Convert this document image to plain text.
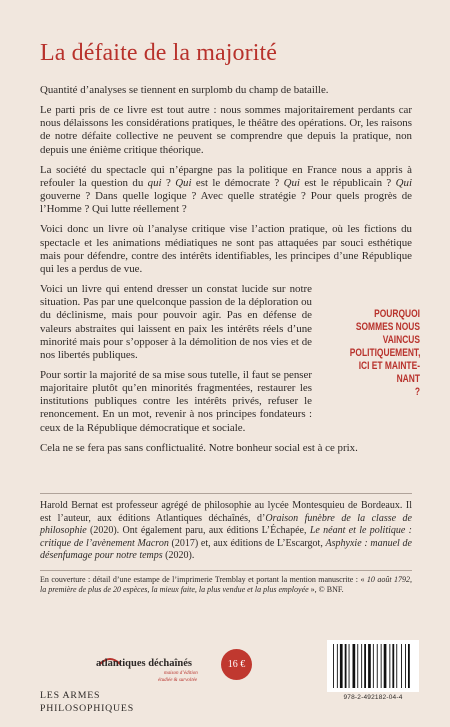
La défaite de la majorité

Quantité d’analyses se tiennent en surplomb du champ de bataille.

Le parti pris de ce livre est tout autre : nous sommes majoritairement perdants car nous délaissons les considérations pratiques, le théâtre des opérations. Or, les raisons de notre défaite collective ne peuvent se comprendre que depuis la pratique, non depuis une énième critique théorique.

La société du spectacle qui n’épargne pas la politique en France nous a appris à refouler la question du qui ? Qui est le démocrate ? Qui est le républicain ? Qui gouverne ? Dans quelle logique ? Avec quelle stratégie ? Pour quels progrès de l’Homme ? Qui lutte réellement ?

Voici donc un livre où l’analyse critique vise l’action pratique, où les fictions du spectacle et les animations médiatiques ne sont pas attaquées par souci esthétique mais pour défendre, contre des intérêts identifiables, les principes d’une République qui les a perdus de vue.

Voici un livre qui entend dresser un constat lucide sur notre situation. Pas par une quelconque passion de la déploration ou du déclinisme, mais pour pouvoir agir. Pas en défense de valeurs abstraites qui laissent en paix les intérêts réels d’une minorité mais pour s’opposer à la démolition de nos vies et de nos libertés publiques.

Pour sortir la majorité de sa mise sous tutelle, il faut se penser majoritaire plutôt qu’en minorités fragmentées, restaurer les institutions publiques contre les intérêts privés, refuser le renoncement. En un mot, revenir à nos principes fondateurs : ceux de la République démocratique et sociale.

Cela ne se fera pas sans conflictualité. Notre bonheur social est à ce prix.

POURQUOI
SOMMES NOUS
VAINCUS
POLITIQUEMENT,
ICI ET MAINTE-
NANT
?

Harold Bernat est professeur agrégé de philosophie au lycée Montesquieu de Bordeaux. Il est l’auteur, aux éditions Atlantiques déchaînés, d’Oraison funèbre de la classe de philosophie (2020). Ont également paru, aux éditions L’Échapée, Le néant et le politique : critique de l’avènement Macron (2017) et, aux éditions de L’Escargot, Asphyxie : manuel de désenfumage pour notre temps (2020).

En couverture : détail d’une estampe de l’imprimerie Tremblay et portant la mention manuscrite : « 10 août 1792, la première de plus de 20 espèces, la mieux faite, la plus vendue et la plus employée », © BNF.

atlantiques déchaînés
maison d’édition
étudiée & survoltée
LES ARMES
PHILOSOPHIQUES
16 €
978-2-492182-04-4
